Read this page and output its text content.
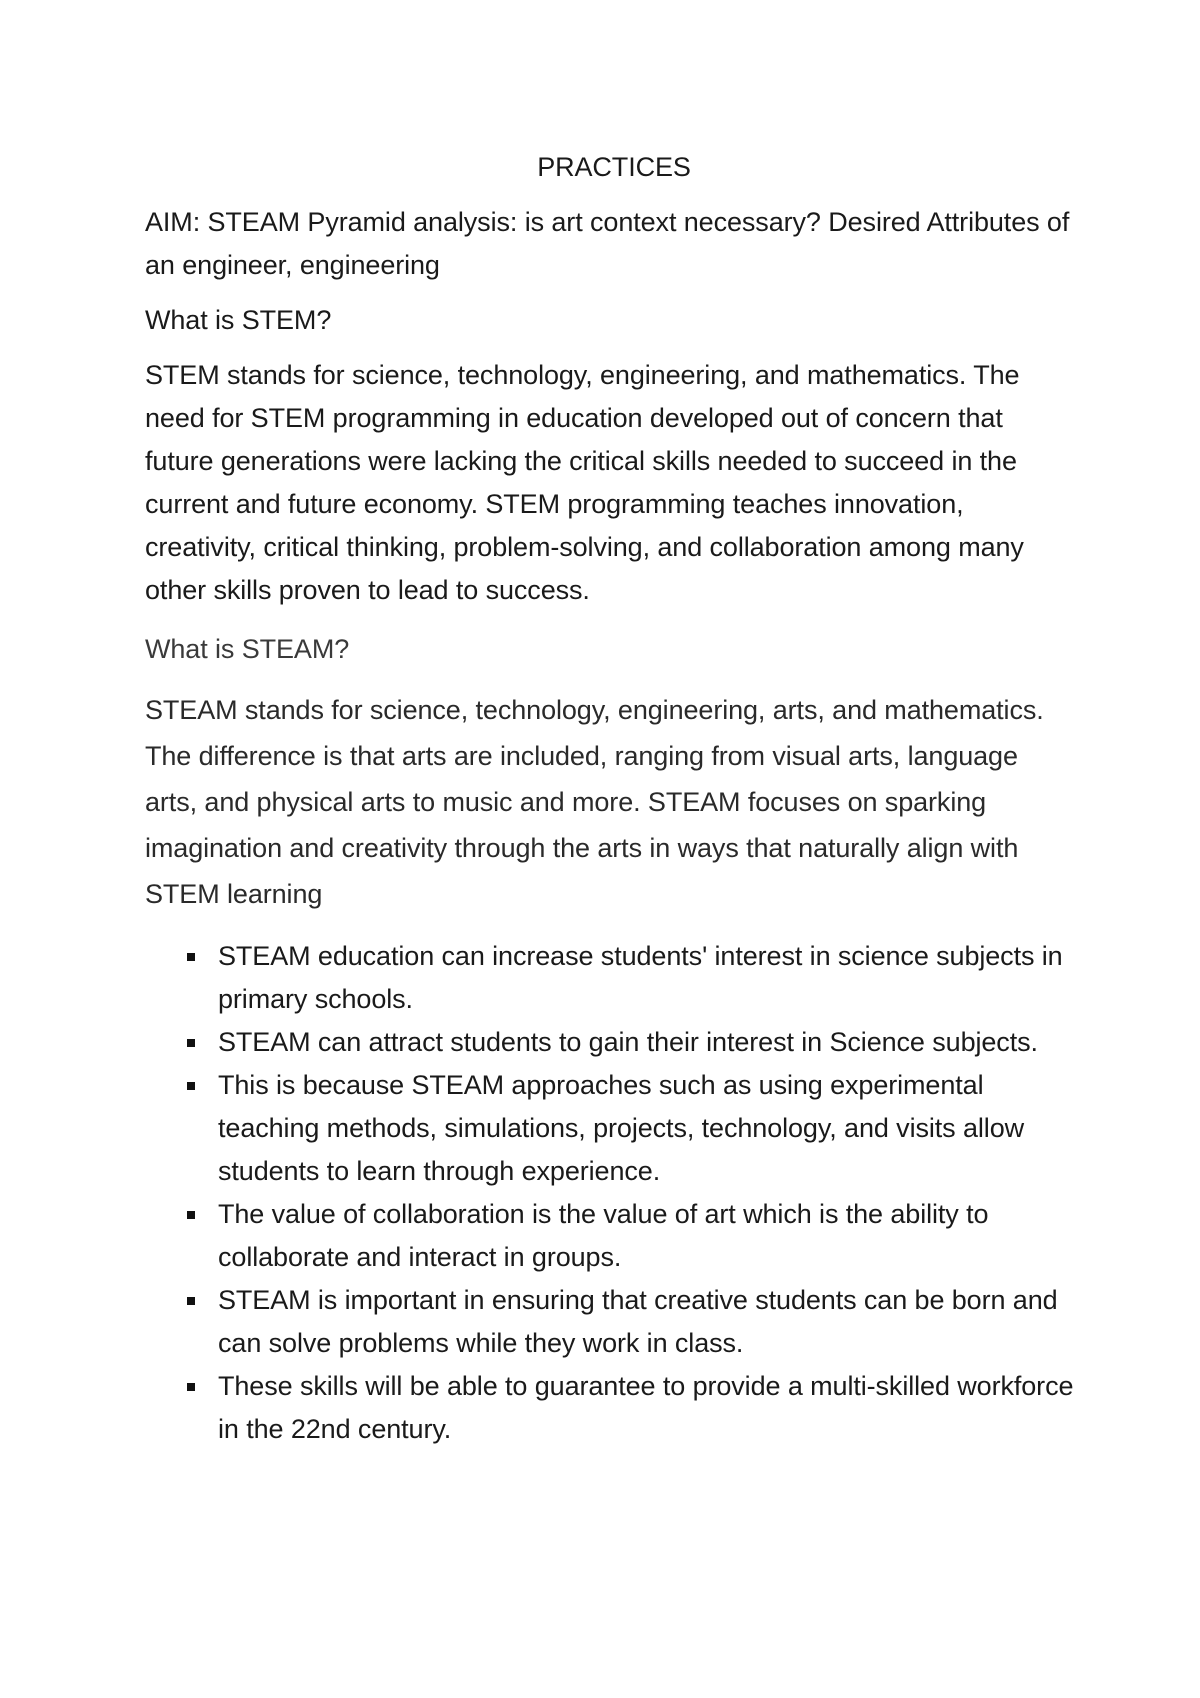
PRACTICES

AIM: STEAM Pyramid analysis: is art context necessary? Desired Attributes of an engineer, engineering

What is STEM?

STEM stands for science, technology, engineering, and mathematics. The need for STEM programming in education developed out of concern that future generations were lacking the critical skills needed to succeed in the current and future economy. STEM programming teaches innovation, creativity, critical thinking, problem-solving, and collaboration among many other skills proven to lead to success.

What is STEAM?

STEAM stands for science, technology, engineering, arts, and mathematics. The difference is that arts are included, ranging from visual arts, language arts, and physical arts to music and more. STEAM focuses on sparking imagination and creativity through the arts in ways that naturally align with STEM learning

STEAM education can increase students' interest in science subjects in primary schools.
STEAM can attract students to gain their interest in Science subjects.
This is because STEAM approaches such as using experimental teaching methods, simulations, projects, technology, and visits allow students to learn through experience.
The value of collaboration is the value of art which is the ability to collaborate and interact in groups.
STEAM is important in ensuring that creative students can be born and can solve problems while they work in class.
These skills will be able to guarantee to provide a multi-skilled workforce in the 22nd century.
